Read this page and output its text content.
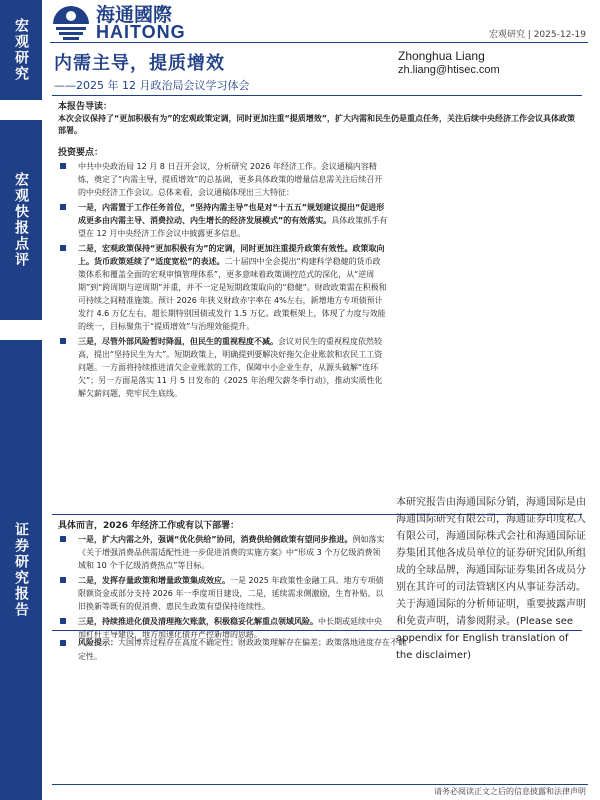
宏观研究
宏观快报点评
证券研究报告
海通國際
HAITONG	宏观研究 | 2025-12-19
内需主导，提质增效
——2025 年 12 月政治局会议学习体会
Zhonghua Liang
zh.liang@htisec.com
本报告导读：
本次会议保持了“更加积极有为”的宏观政策定调，同时更加注重“提质增效”，扩大内需和民生仍是重点任务，关注后续中央经济工作会议具体政策部署。
投资要点：
中共中央政治局 12 月 8 日召开会议，分析研究 2026 年经济工作。会议通稿内容精炼，奠定了“内需主导，提质增效”的总基调，更多具体政策的增量信息需关注后续召开的中央经济工作会议。总体来看，会议通稿体现出三大特征：
一是，内需置于工作任务首位，“坚持内需主导”也是对“十五五”规划建议提出“促进形成更多由内需主导、消费拉动、内生增长的经济发展模式”的有效落实。具体政策抓手有望在 12 月中央经济工作会议中披露更多信息。
二是，宏观政策保持“更加积极有为”的定调，同时更加注重提升政策有效性。政策取向上。货币政策延续了“适度宽松”的表述。二十届四中全会提出“构建科学稳健的货币政策体系和覆盖全面的宏观审慎管理体系”，更多意味着政策调控范式的深化，从“逆周期”到“跨周期与逆周期”并重，并不一定是短期政策取向的“稳健”。财政政策需在积极和可持续之间精准施策。预计 2026 年狭义财政赤字率在 4%左右，新增地方专项债预计发行 4.6 万亿左右，超长期特别国债或发行 1.5 万亿。政策框架上，体现了力度与效能的统一，目标聚焦于“提质增效”与治理效能提升。
三是，尽管外部风险暂时降温，但民生的重视程度不减。会议对民生的重视程度依然较高，提出“坚持民生为大”。短期政策上，明确提到要解决好拖欠企业账款和农民工工资问题。一方面将持续推进清欠企业账款的工作，保障中小企业生存，从源头破解“连环欠”；另一方面是落实 11 月 5 日发布的《2025 年治理欠薪冬季行动》，推动实质性化解欠薪问题，兜牢民生底线。
具体而言，2026 年经济工作或有以下部署：
一是，扩大内需之外，强调“优化供给”协同，消费供给侧政策有望同步推进。例如落实《关于增强消费品供需适配性进一步促进消费的实施方案》中“形成 3 个万亿级消费领域和 10 个千亿级消费热点”等目标。
二是，发挥存量政策和增量政策集成效应。一是 2025 年政策性金融工具、地方专项债限额资金或部分支持 2026 年一季度项目建设，二是，延续需求侧激励，生育补贴、以旧换新等既有的促消费、惠民生政策有望保持连续性。
三是，持续推进化债及清理拖欠账款，积极稳妥化解重点领域风险。中长期或延续中央加杠杆主导建设，地方加速化债并严控新增的思路。
风险提示：大国博弈过程存在高度不确定性；财政政策理解存在偏差；政策落地进度存在不确定性。
本研究报告由海通国际分销，海通国际是由海通国际研究有限公司，海通证券印度私人有限公司，海通国际株式会社和海通国际证券集团其他各成员单位的证券研究团队所组成的全球品牌，海通国际证券集团各成员分别在其许可的司法管辖区内从事证券活动。关于海通国际的分析师证明，重要披露声明和免责声明，请参阅附录。(Please see appendix for English translation of the disclaimer)
请务必阅读正文之后的信息披露和法律声明
